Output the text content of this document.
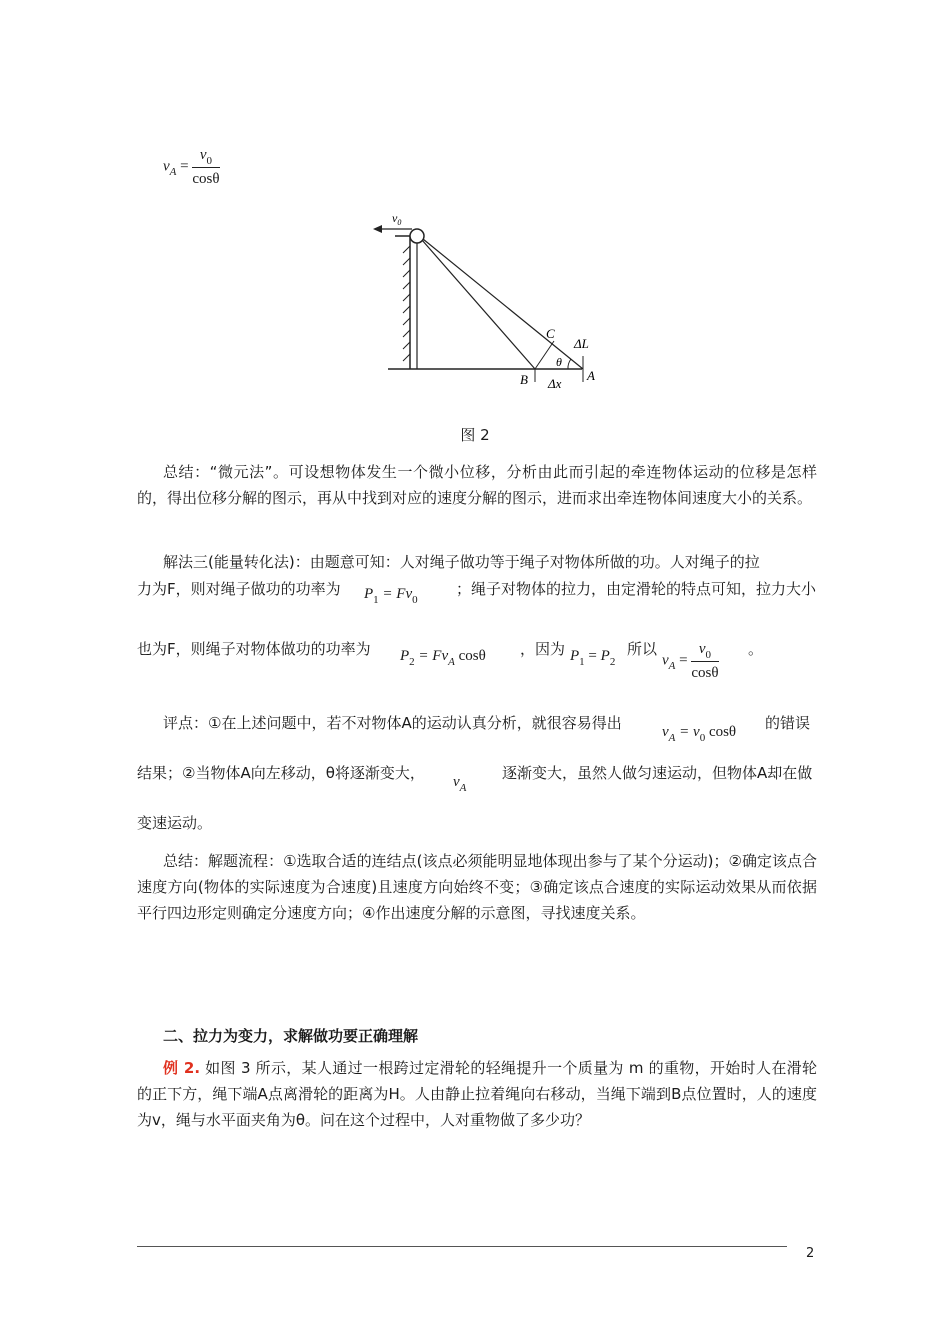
$v_A = \frac{v_0}{\cos\theta}$
$v_0$
C
ΔL
θ
B Δx
A
图 2
总结：“微元法”。可设想物体发生一个微小位移，分析由此而引起的牵连物体运动的位移是怎样的，得出位移分解的图示，再从中找到对应的速度分解的图示，进而求出牵连物体间速度大小的关系。
解法三(能量转化法)：由题意可知：人对绳子做功等于绳子对物体所做的功。人对绳子的拉
力为F，则对绳子做功的功率为 $P_1 = Fv_0$
；绳子对物体的拉力，由定滑轮的特点可知，拉力大小
也为F，则绳子对物体做功的功率为 $P_2 = Fv_A$ cosθ ，因为 $P_1 = P_2$
所以
$v_A = \frac{v_0}{\cos\theta}$ 。
评点：①在上述问题中，若不对物体A的运动认真分析，就很容易得出	$v_A = v_0$ cosθ 的错误
结果；②当物体A向左移动，θ将逐渐变大， $v_A$
逐渐变大，虽然人做匀速运动，但物体A却在做
变速运动。
总结：解题流程：①选取合适的连结点(该点必须能明显地体现出参与了某个分运动)；②确定该点合速度方向(物体的实际速度为合速度)且速度方向始终不变；③确定该点合速度的实际运动效果从而依据平行四边形定则确定分速度方向；④作出速度分解的示意图，寻找速度关系。
二、拉力为变力，求解做功要正确理解
例 2. 如图 3 所示，某人通过一根跨过定滑轮的轻绳提升一个质量为 m 的重物，开始时人在滑轮的正下方，绳下端A点离滑轮的距离为H。人由静止拉着绳向右移动，当绳下端到B点位置时，人的速度为v，绳与水平面夹角为θ。问在这个过程中，人对重物做了多少功？
2
